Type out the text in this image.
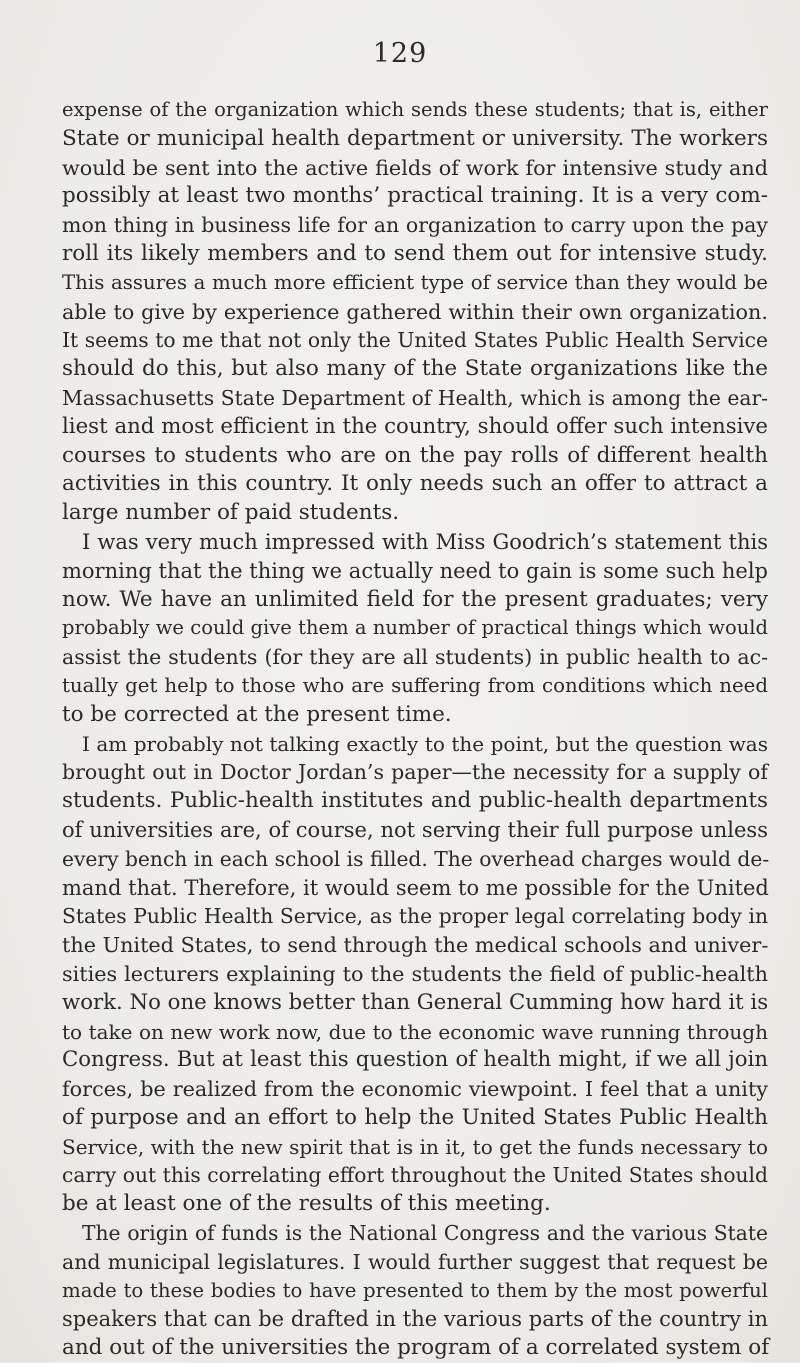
129
expense of the organization which sends these students; that is, either
State or municipal health department or university. The workers
would be sent into the active fields of work for intensive study and
possibly at least two months’ practical training. It is a very com-
mon thing in business life for an organization to carry upon the pay
roll its likely members and to send them out for intensive study.
This assures a much more efficient type of service than they would be
able to give by experience gathered within their own organization.
It seems to me that not only the United States Public Health Service
should do this, but also many of the State organizations like the
Massachusetts State Department of Health, which is among the ear-
liest and most efficient in the country, should offer such intensive
courses to students who are on the pay rolls of different health
activities in this country. It only needs such an offer to attract a
large number of paid students.
I was very much impressed with Miss Goodrich’s statement this
morning that the thing we actually need to gain is some such help
now. We have an unlimited field for the present graduates; very
probably we could give them a number of practical things which would
assist the students (for they are all students) in public health to ac-
tually get help to those who are suffering from conditions which need
to be corrected at the present time.
I am probably not talking exactly to the point, but the question was
brought out in Doctor Jordan’s paper—the necessity for a supply of
students. Public-health institutes and public-health departments
of universities are, of course, not serving their full purpose unless
every bench in each school is filled. The overhead charges would de-
mand that. Therefore, it would seem to me possible for the United
States Public Health Service, as the proper legal correlating body in
the United States, to send through the medical schools and univer-
sities lecturers explaining to the students the field of public-health
work. No one knows better than General Cumming how hard it is
to take on new work now, due to the economic wave running through
Congress. But at least this question of health might, if we all join
forces, be realized from the economic viewpoint. I feel that a unity
of purpose and an effort to help the United States Public Health
Service, with the new spirit that is in it, to get the funds necessary to
carry out this correlating effort throughout the United States should
be at least one of the results of this meeting.
The origin of funds is the National Congress and the various State
and municipal legislatures. I would further suggest that request be
made to these bodies to have presented to them by the most powerful
speakers that can be drafted in the various parts of the country in
and out of the universities the program of a correlated system of
